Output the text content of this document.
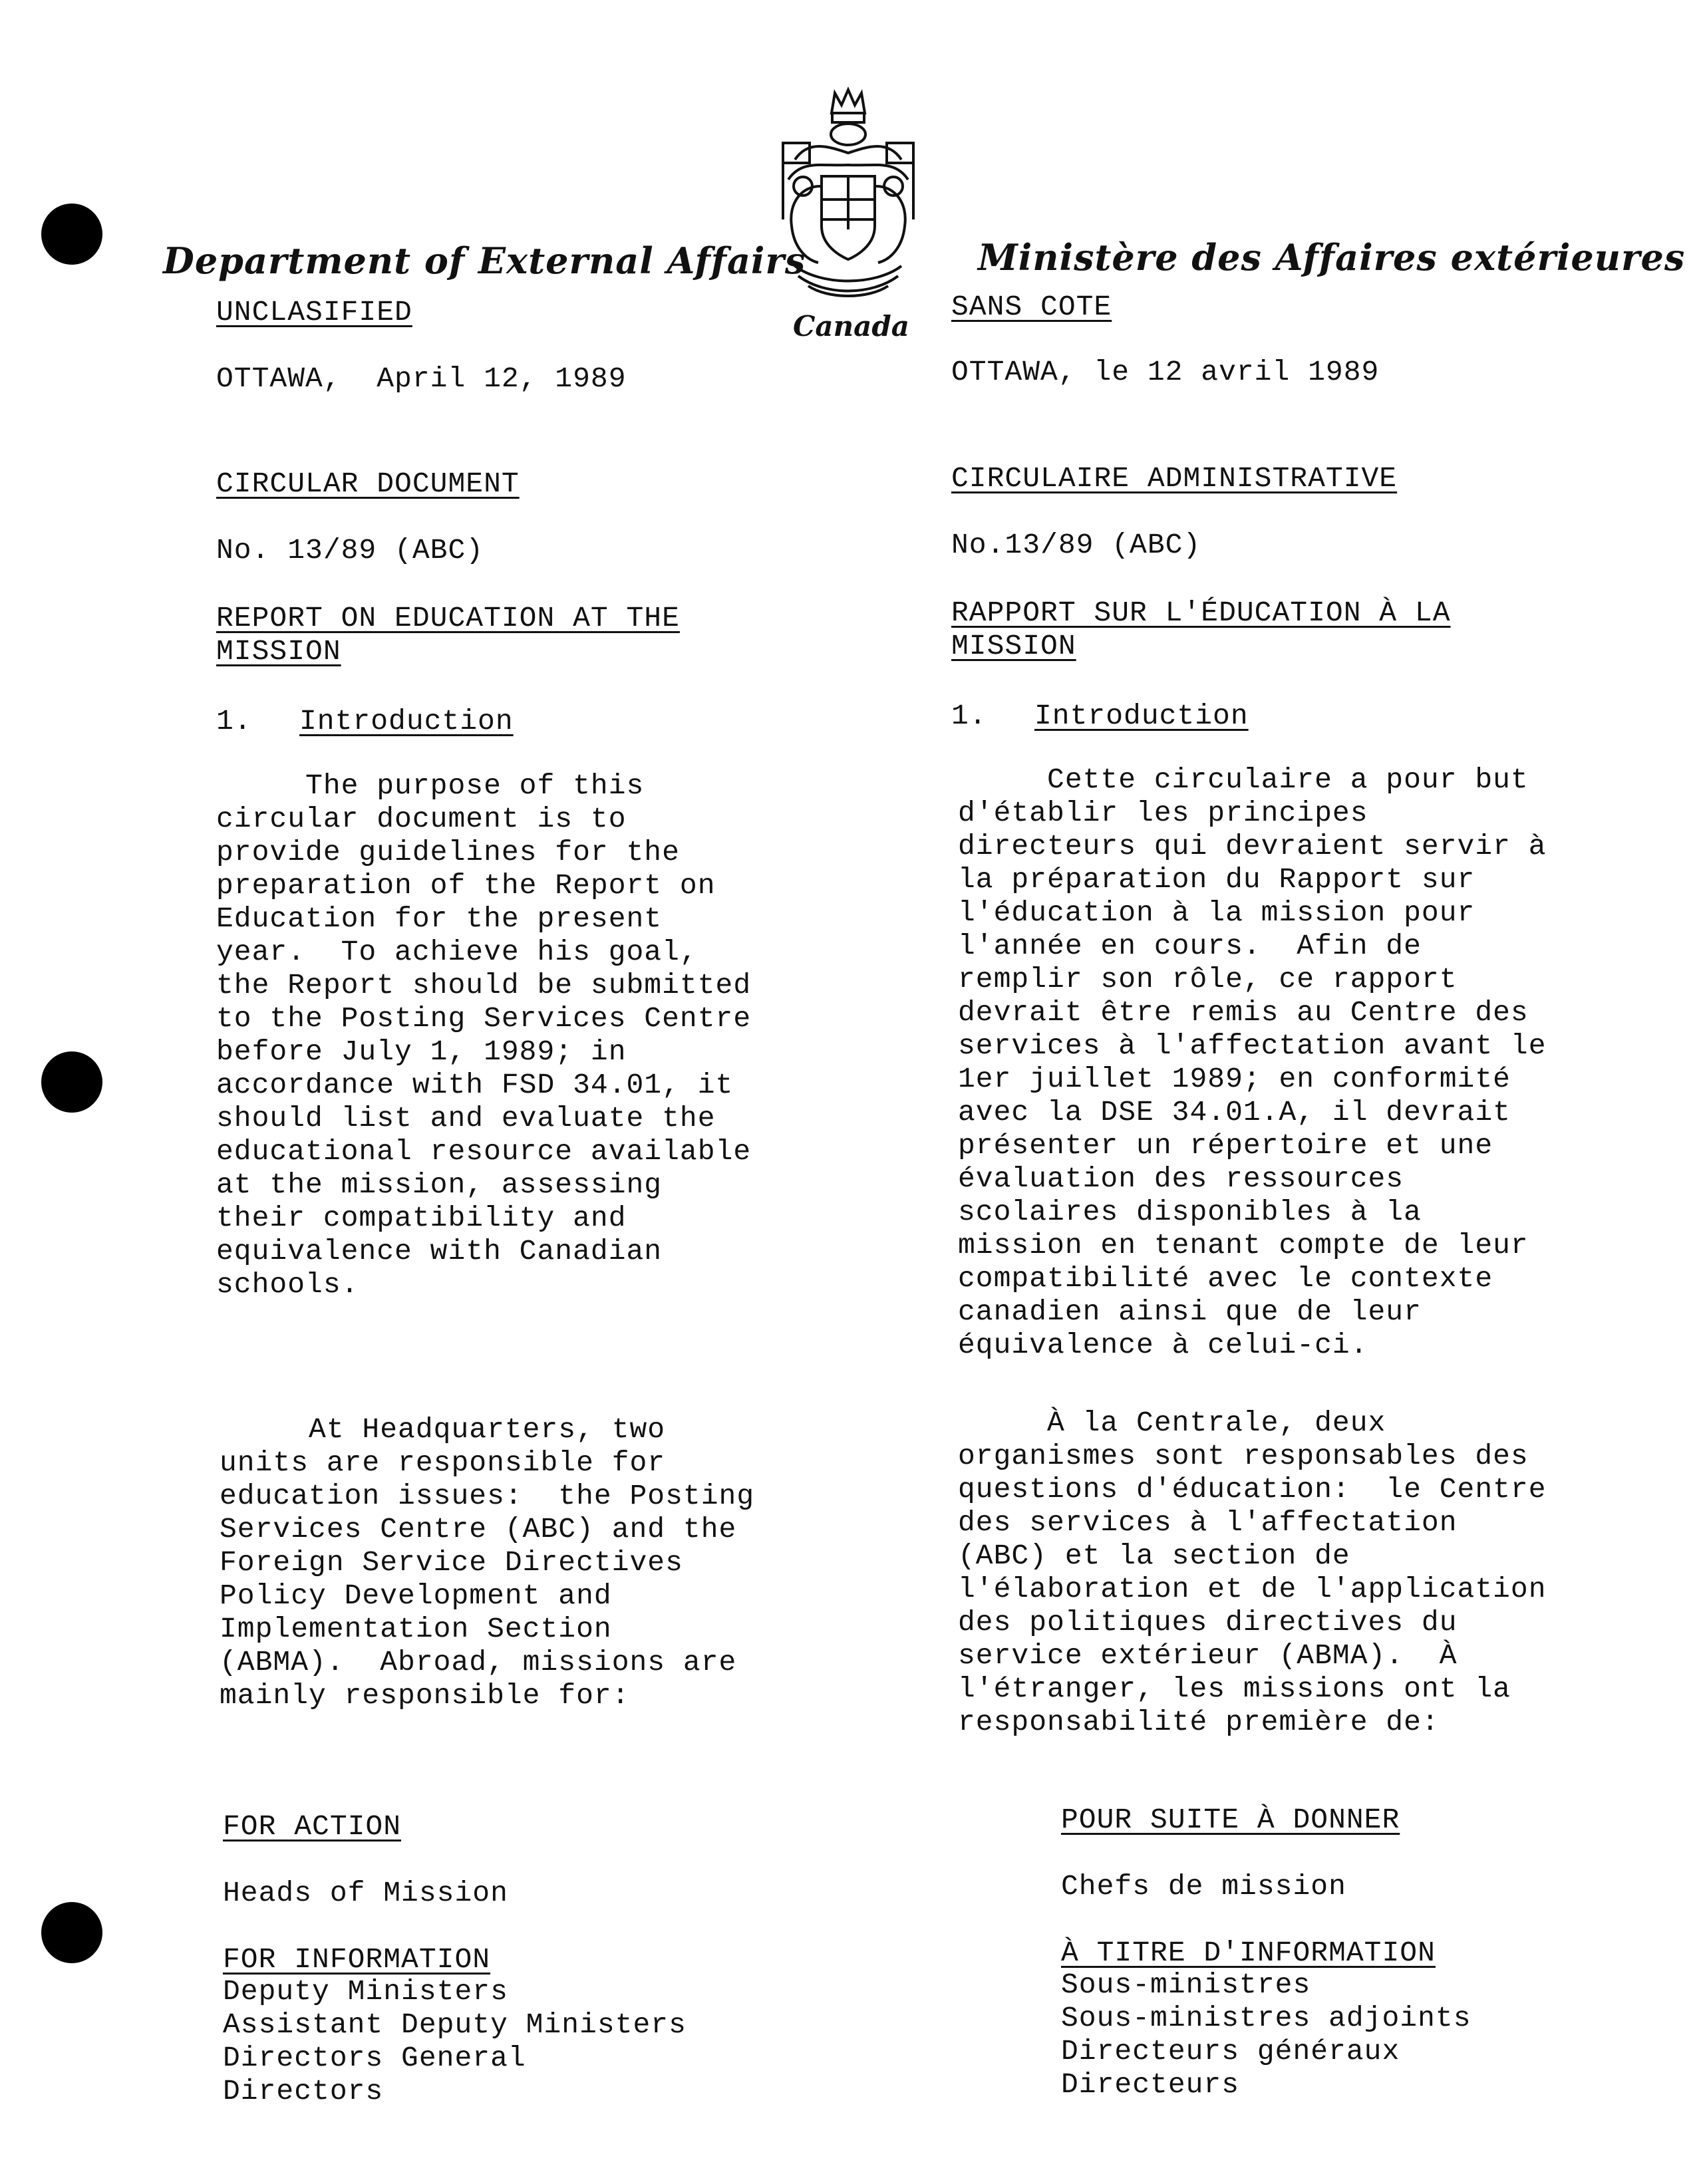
Canada
Department of External Affairs	Ministère des Affaires extérieures
UNCLASIFIED
OTTAWA,  April 12, 1989
CIRCULAR DOCUMENT
No. 13/89 (ABC)
REPORT ON EDUCATION AT THE
MISSION
1. Introduction
The purpose of this
circular document is to
provide guidelines for the
preparation of the Report on
Education for the present
year.  To achieve his goal,
the Report should be submitted
to the Posting Services Centre
before July 1, 1989; in
accordance with FSD 34.01, it
should list and evaluate the
educational resource available
at the mission, assessing
their compatibility and
equivalence with Canadian
schools.
At Headquarters, two
units are responsible for
education issues:  the Posting
Services Centre (ABC) and the
Foreign Service Directives
Policy Development and
Implementation Section
(ABMA).  Abroad, missions are
mainly responsible for:
FOR ACTION
Heads of Mission
FOR INFORMATION
Deputy Ministers
Assistant Deputy Ministers
Directors General
Directors
SANS COTE
OTTAWA, le 12 avril 1989
CIRCULAIRE ADMINISTRATIVE
No.13/89 (ABC)
RAPPORT SUR L'ÉDUCATION À LA
MISSION
1. Introduction
Cette circulaire a pour but
d'établir les principes
directeurs qui devraient servir à
la préparation du Rapport sur
l'éducation à la mission pour
l'année en cours.  Afin de
remplir son rôle, ce rapport
devrait être remis au Centre des
services à l'affectation avant le
1er juillet 1989; en conformité
avec la DSE 34.01.A, il devrait
présenter un répertoire et une
évaluation des ressources
scolaires disponibles à la
mission en tenant compte de leur
compatibilité avec le contexte
canadien ainsi que de leur
équivalence à celui-ci.
À la Centrale, deux
organismes sont responsables des
questions d'éducation:  le Centre
des services à l'affectation
(ABC) et la section de
l'élaboration et de l'application
des politiques directives du
service extérieur (ABMA).  À
l'étranger, les missions ont la
responsabilité première de:
POUR SUITE À DONNER
Chefs de mission
À TITRE D'INFORMATION
Sous-ministres
Sous-ministres adjoints
Directeurs généraux
Directeurs
